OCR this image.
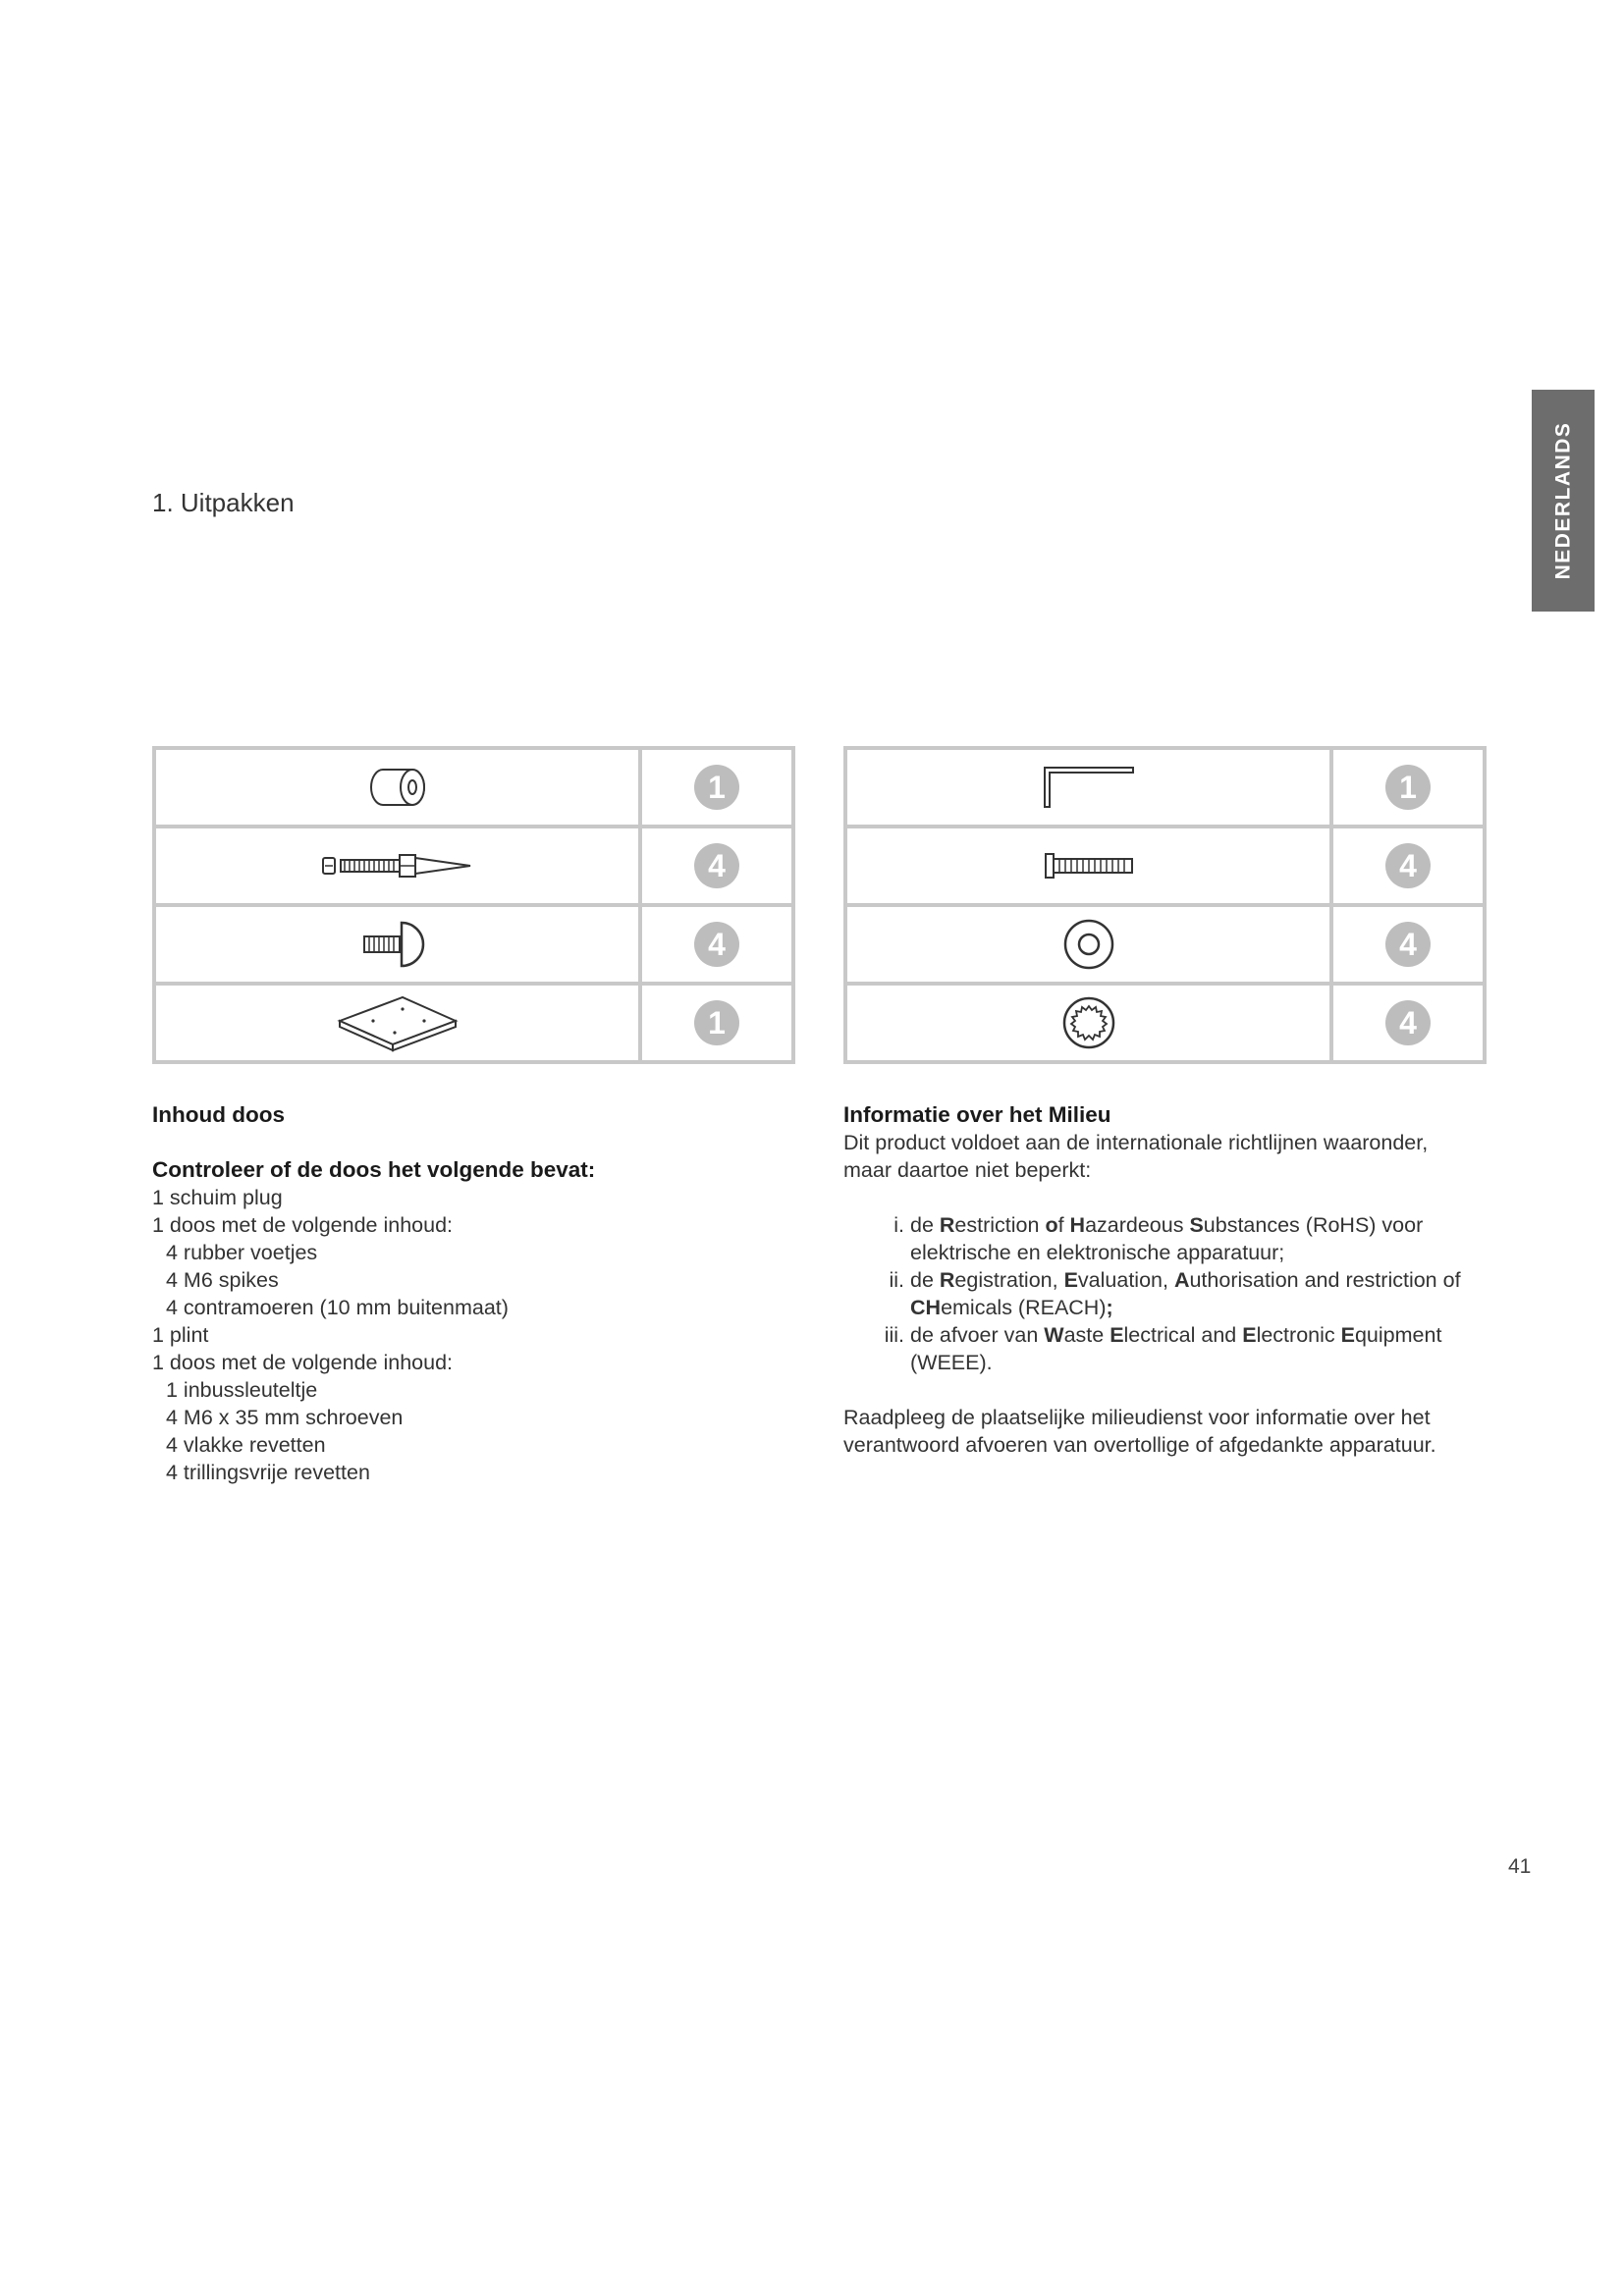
NEDERLANDS
1. Uitpakken
	1

	4

	4

	1
	1

	4

	4

	4
Inhoud doos
Controleer of de doos het volgende bevat:

1 schuim plug

1 doos met de volgende inhoud:

4 rubber voetjes

4 M6 spikes

4 contramoeren (10 mm buitenmaat)

1 plint

1 doos met de volgende inhoud:

1 inbussleuteltje

4 M6 x 35 mm schroeven

4 vlakke revetten

4 trillingsvrije revetten

Informatie over het Milieu

Dit product voldoet aan de internationale richtlijnen waaronder,

maar daartoe niet beperkt:

i. de Restriction of Hazardeous Substances (RoHS) voor
elektrische en elektronische apparatuur;
ii. de Registration, Evaluation, Authorisation and restriction of
CHemicals (REACH);
iii. de afvoer van Waste Electrical and Electronic Equipment
(WEEE).

Raadpleeg de plaatselijke milieudienst voor informatie over het

verantwoord afvoeren van overtollige of afgedankte apparatuur.

41
